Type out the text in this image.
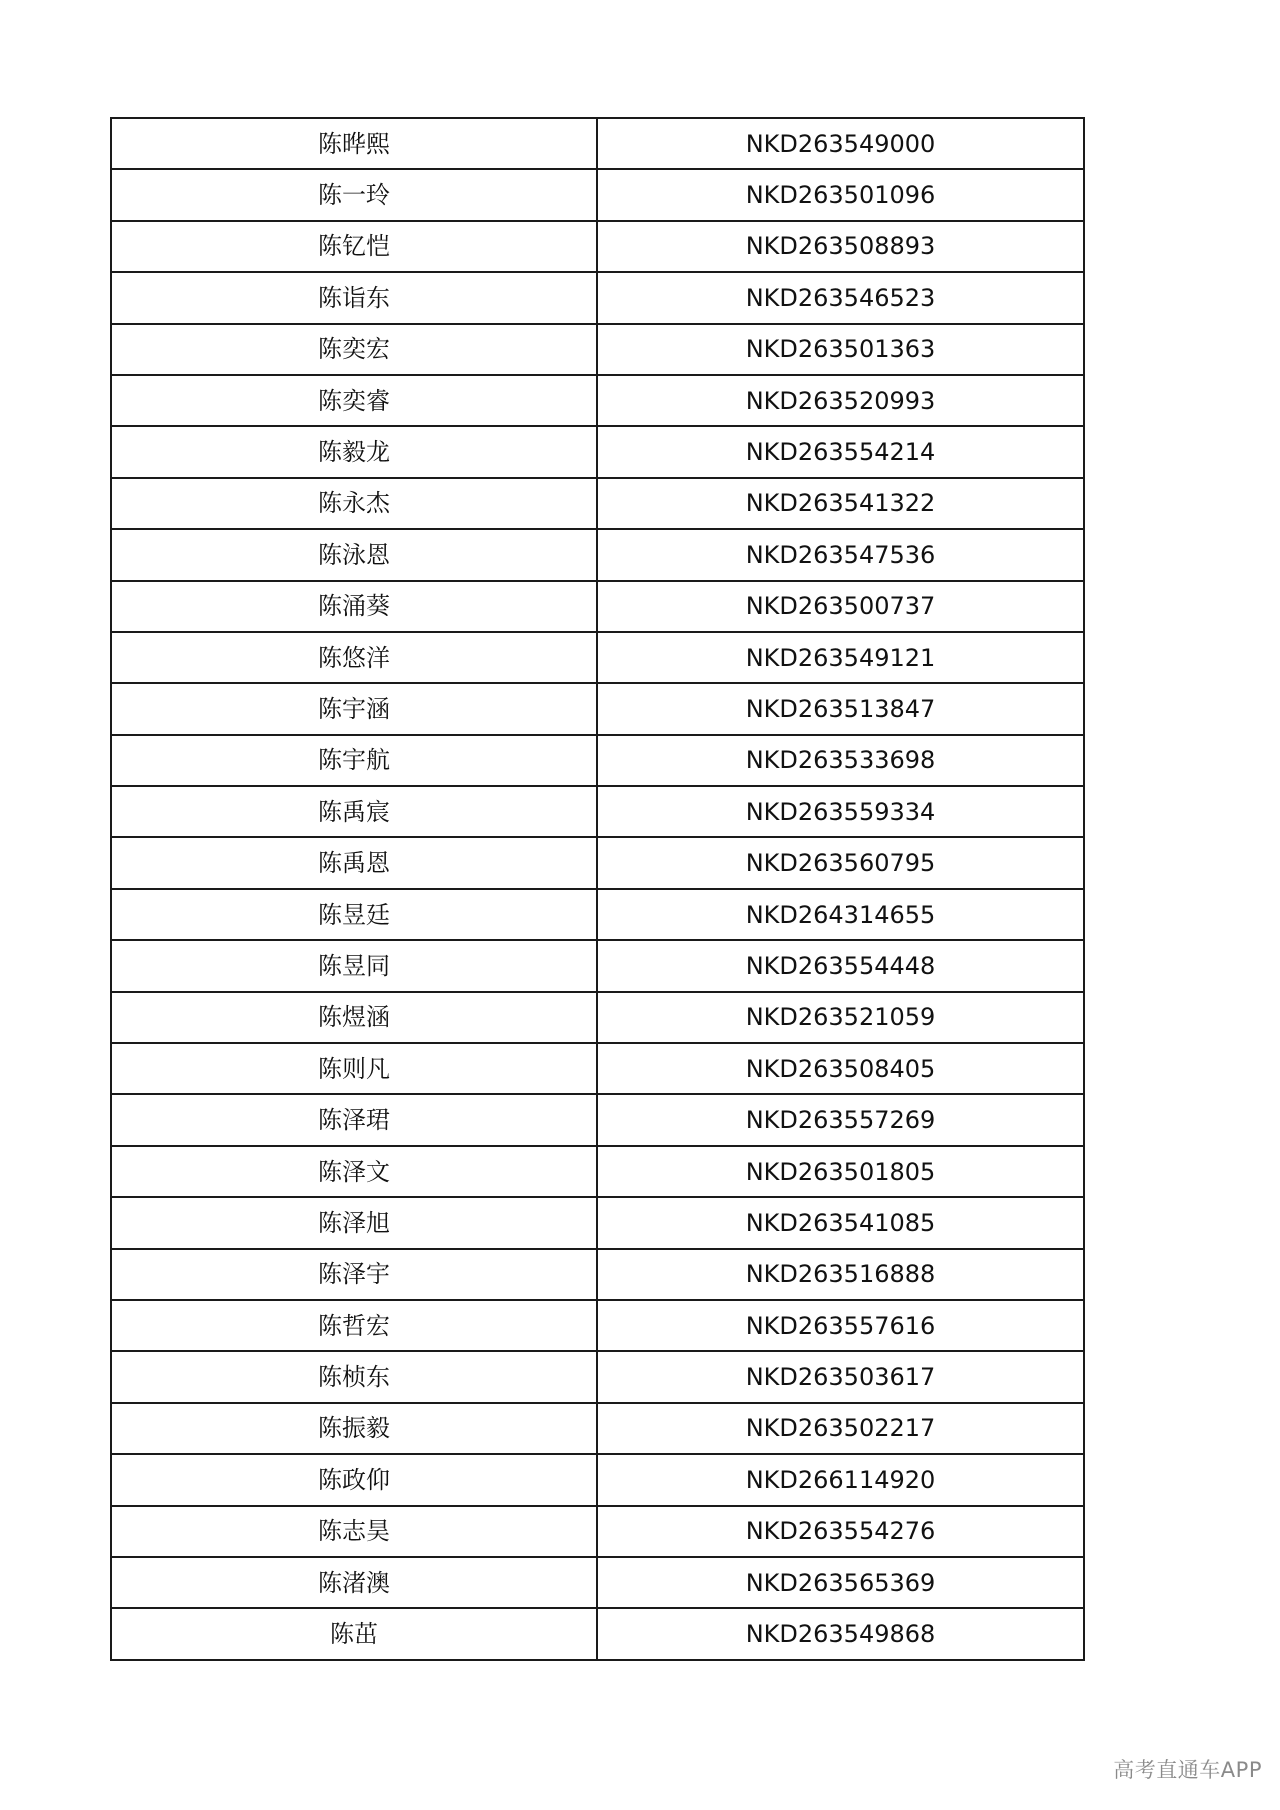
陈晔熙	NKD263549000
陈一玲	NKD263501096
陈钇恺	NKD263508893
陈诣东	NKD263546523
陈奕宏	NKD263501363
陈奕睿	NKD263520993
陈毅龙	NKD263554214
陈永杰	NKD263541322
陈泳恩	NKD263547536
陈涌葵	NKD263500737
陈悠洋	NKD263549121
陈宇涵	NKD263513847
陈宇航	NKD263533698
陈禹宸	NKD263559334
陈禹恩	NKD263560795
陈昱廷	NKD264314655
陈昱同	NKD263554448
陈煜涵	NKD263521059
陈则凡	NKD263508405
陈泽珺	NKD263557269
陈泽文	NKD263501805
陈泽旭	NKD263541085
陈泽宇	NKD263516888
陈哲宏	NKD263557616
陈桢东	NKD263503617
陈振毅	NKD263502217
陈政仰	NKD266114920
陈志昊	NKD263554276
陈渚澳	NKD263565369
陈茁	NKD263549868
高考直通车APP
